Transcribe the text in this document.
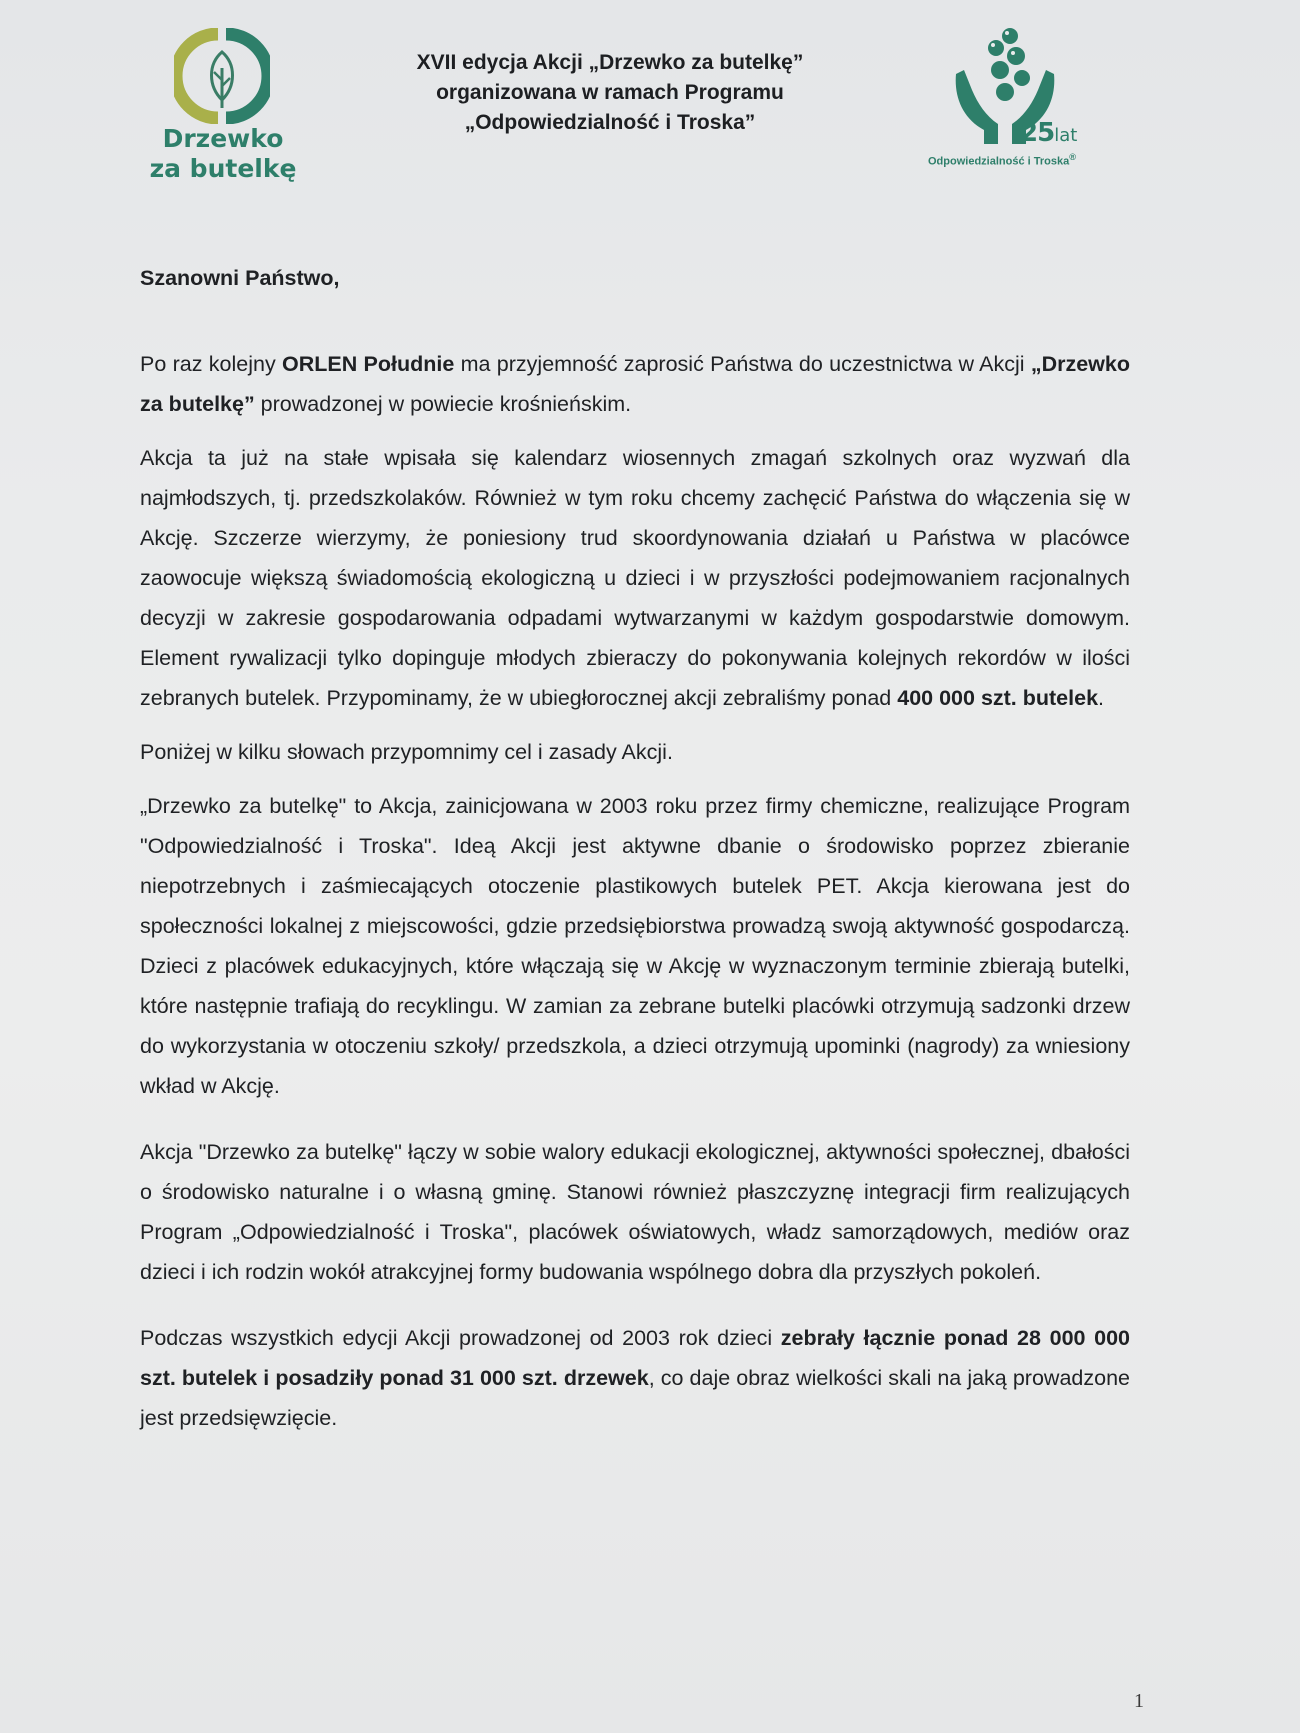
Drzewko
za butelkę
XVII edycja Akcji „Drzewko za butelkę”
organizowana w ramach Programu
„Odpowiedzialność i Troska”	25lat
Odpowiedzialność i Troska®

Szanowni Państwo,

Po raz kolejny ORLEN Południe ma przyjemność zaprosić Państwa do uczestnictwa w Akcji „Drzewko za butelkę” prowadzonej w powiecie krośnieńskim.

Akcja ta już na stałe wpisała się kalendarz wiosennych zmagań szkolnych oraz wyzwań dla najmłodszych, tj. przedszkolaków. Również w tym roku chcemy zachęcić Państwa do włączenia się w Akcję. Szczerze wierzymy, że poniesiony trud skoordynowania działań u Państwa w placówce zaowocuje większą świadomością ekologiczną u dzieci i w przyszłości podejmowaniem racjonalnych decyzji w zakresie gospodarowania odpadami wytwarzanymi w każdym gospodarstwie domowym. Element rywalizacji tylko dopinguje młodych zbieraczy do pokonywania kolejnych rekordów w ilości zebranych butelek. Przypominamy, że w ubiegłorocznej akcji zebraliśmy ponad 400 000 szt. butelek.

Poniżej w kilku słowach przypomnimy cel i zasady Akcji.

„Drzewko za butelkę" to Akcja, zainicjowana w 2003 roku przez firmy chemiczne, realizujące Program "Odpowiedzialność i Troska". Ideą Akcji jest aktywne dbanie o środowisko poprzez zbieranie niepotrzebnych i zaśmiecających otoczenie plastikowych butelek PET. Akcja kierowana jest do społeczności lokalnej z miejscowości, gdzie przedsiębiorstwa prowadzą swoją aktywność gospodarczą. Dzieci z placówek edukacyjnych, które włączają się w Akcję w wyznaczonym terminie zbierają butelki, które następnie trafiają do recyklingu. W zamian za zebrane butelki placówki otrzymują sadzonki drzew do wykorzystania w otoczeniu szkoły/ przedszkola, a dzieci otrzymują upominki (nagrody) za wniesiony wkład w Akcję.

Akcja "Drzewko za butelkę" łączy w sobie walory edukacji ekologicznej, aktywności społecznej, dbałości o środowisko naturalne i o własną gminę. Stanowi również płaszczyznę integracji firm realizujących Program „Odpowiedzialność i Troska", placówek oświatowych, władz samorządowych, mediów oraz dzieci i ich rodzin wokół atrakcyjnej formy budowania wspólnego dobra dla przyszłych pokoleń.

Podczas wszystkich edycji Akcji prowadzonej od 2003 rok dzieci zebrały łącznie ponad 28 000 000 szt. butelek i posadziły ponad 31 000 szt. drzewek, co daje obraz wielkości skali na jaką prowadzone jest przedsięwzięcie.

1
